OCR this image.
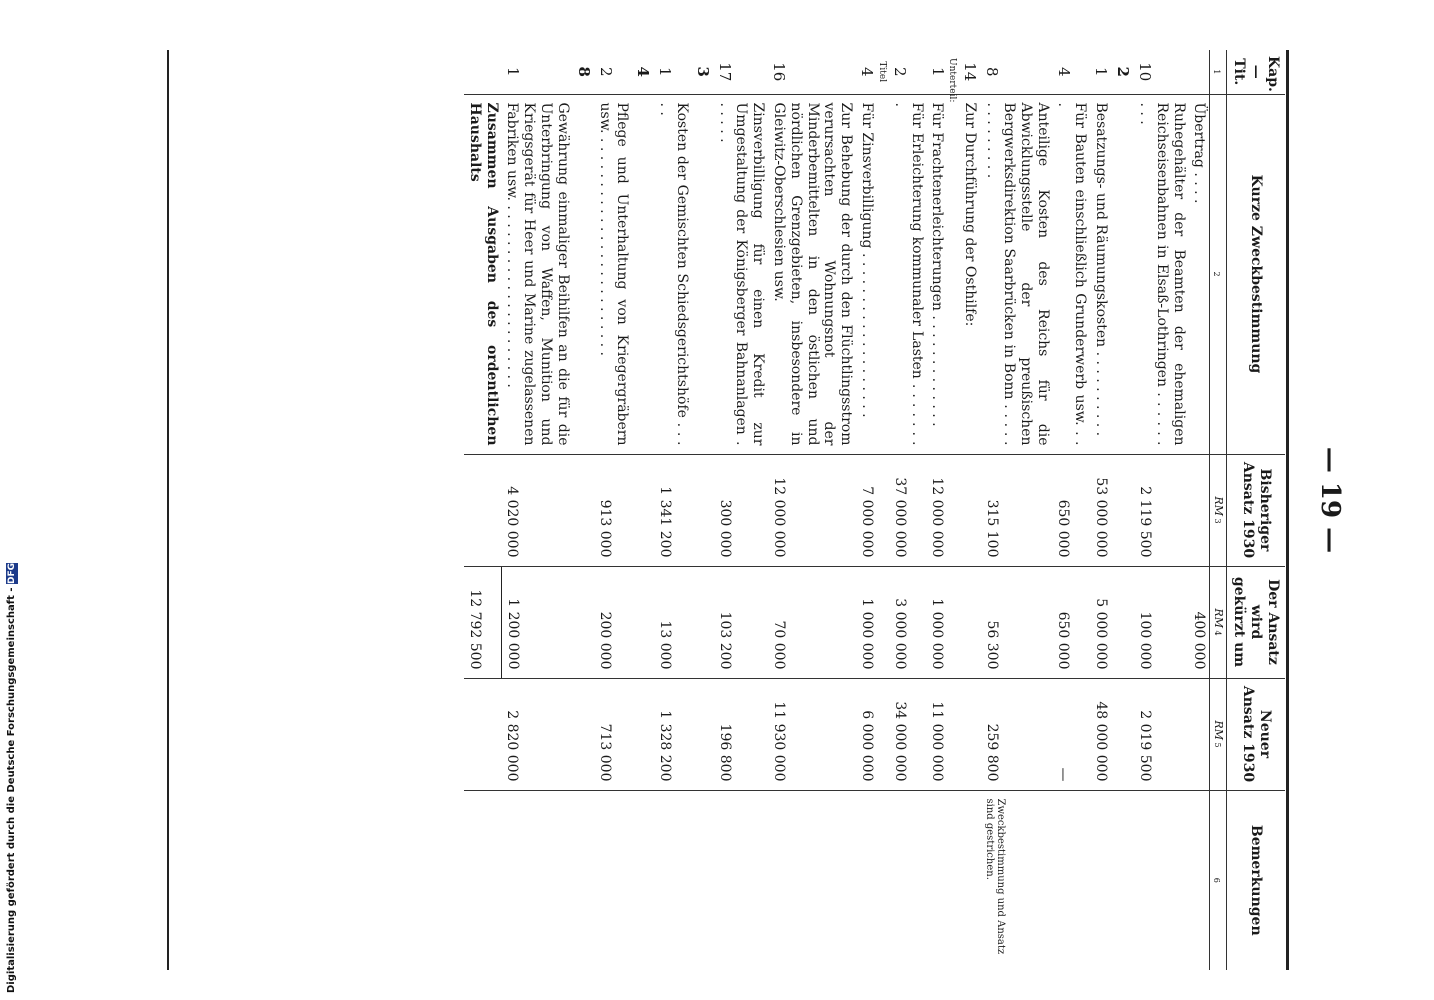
— 19 —
Kap.
—
Tit.	Kurze Zweckbestimmung	Bisheriger Ansatz 1930	Der Ansatz wird gekürzt um	Neuer Ansatz 1930	Bemerkungen
1	2	RM 3	RM 4	RM 5	6
	Übertrag . . . .		400 000		
10	Ruhegehälter der Beamten der ehemaligen Reichseisenbahnen in Elsaß-Lothringen . . . . . . . . .	2 119 500	100 000	2 019 500	
2					
1	Besatzungs- und Räumungskosten . . . . . . . . . .	53 000 000	5 000 000	48 000 000	
4	Für Bauten einschließlich Grunderwerb usw. . . .	650 000	650 000	—	
8	Anteilige Kosten des Reichs für die Abwicklungsstelle der preußischen Bergwerksdirektion Saarbrücken in Bonn . . . . . . . . . . . . . .	315 100	56 300	259 800	Zweckbestimmung und Ansatz sind gestrichen.
14	Zur Durchführung der Osthilfe:				

Unterteil:
1	Für Frachtenerleichterungen . . . . . . . . . . . . .	12 000 000	1 000 000	11 000 000	
2	Für Erleichterung kommunaler Lasten . . . . . . . .	37 000 000	3 000 000	34 000 000	

Titel
4	Für Zinsverbilligung . . . . . . . . . . . . . . . . . . .	7 000 000	1 000 000	6 000 000	
16	Zur Behebung der durch den Flüchtlingsstrom verursachten Wohnungsnot der Minderbemittelten in den östlichen und nördlichen Grenzgebieten, insbesondere in Gleiwitz-Oberschlesien usw.	12 000 000	70 000	11 930 000	
17	Zinsverbilligung für einen Kredit zur Umgestaltung der Königsberger Bahnanlagen . . . . . .	300 000	103 200	196 800	
3					
1	Kosten der Gemischten Schiedsgerichtshöfe . . . . .	1 341 200	13 000	1 328 200	
4					
2	Pflege und Unterhaltung von Kriegergräbern usw. . . . . . . . . . . . . . . . . . . . . . . . . .	913 000	200 000	713 000	
8					
1	Gewährung einmaliger Beihilfen an die für die Unterbringung von Waffen, Munition und Kriegsgerät für Heer und Marine zugelassenen Fabriken usw. . . . . . . . . . . . . . . . . . . . . .	4 020 000	1 200 000	2 820 000	
	Zusammen Ausgaben des ordentlichen Haushalts		12 792 500		
Digitalisierung gefördert durch die Deutsche Forschungsgemeinschaft - DFG
